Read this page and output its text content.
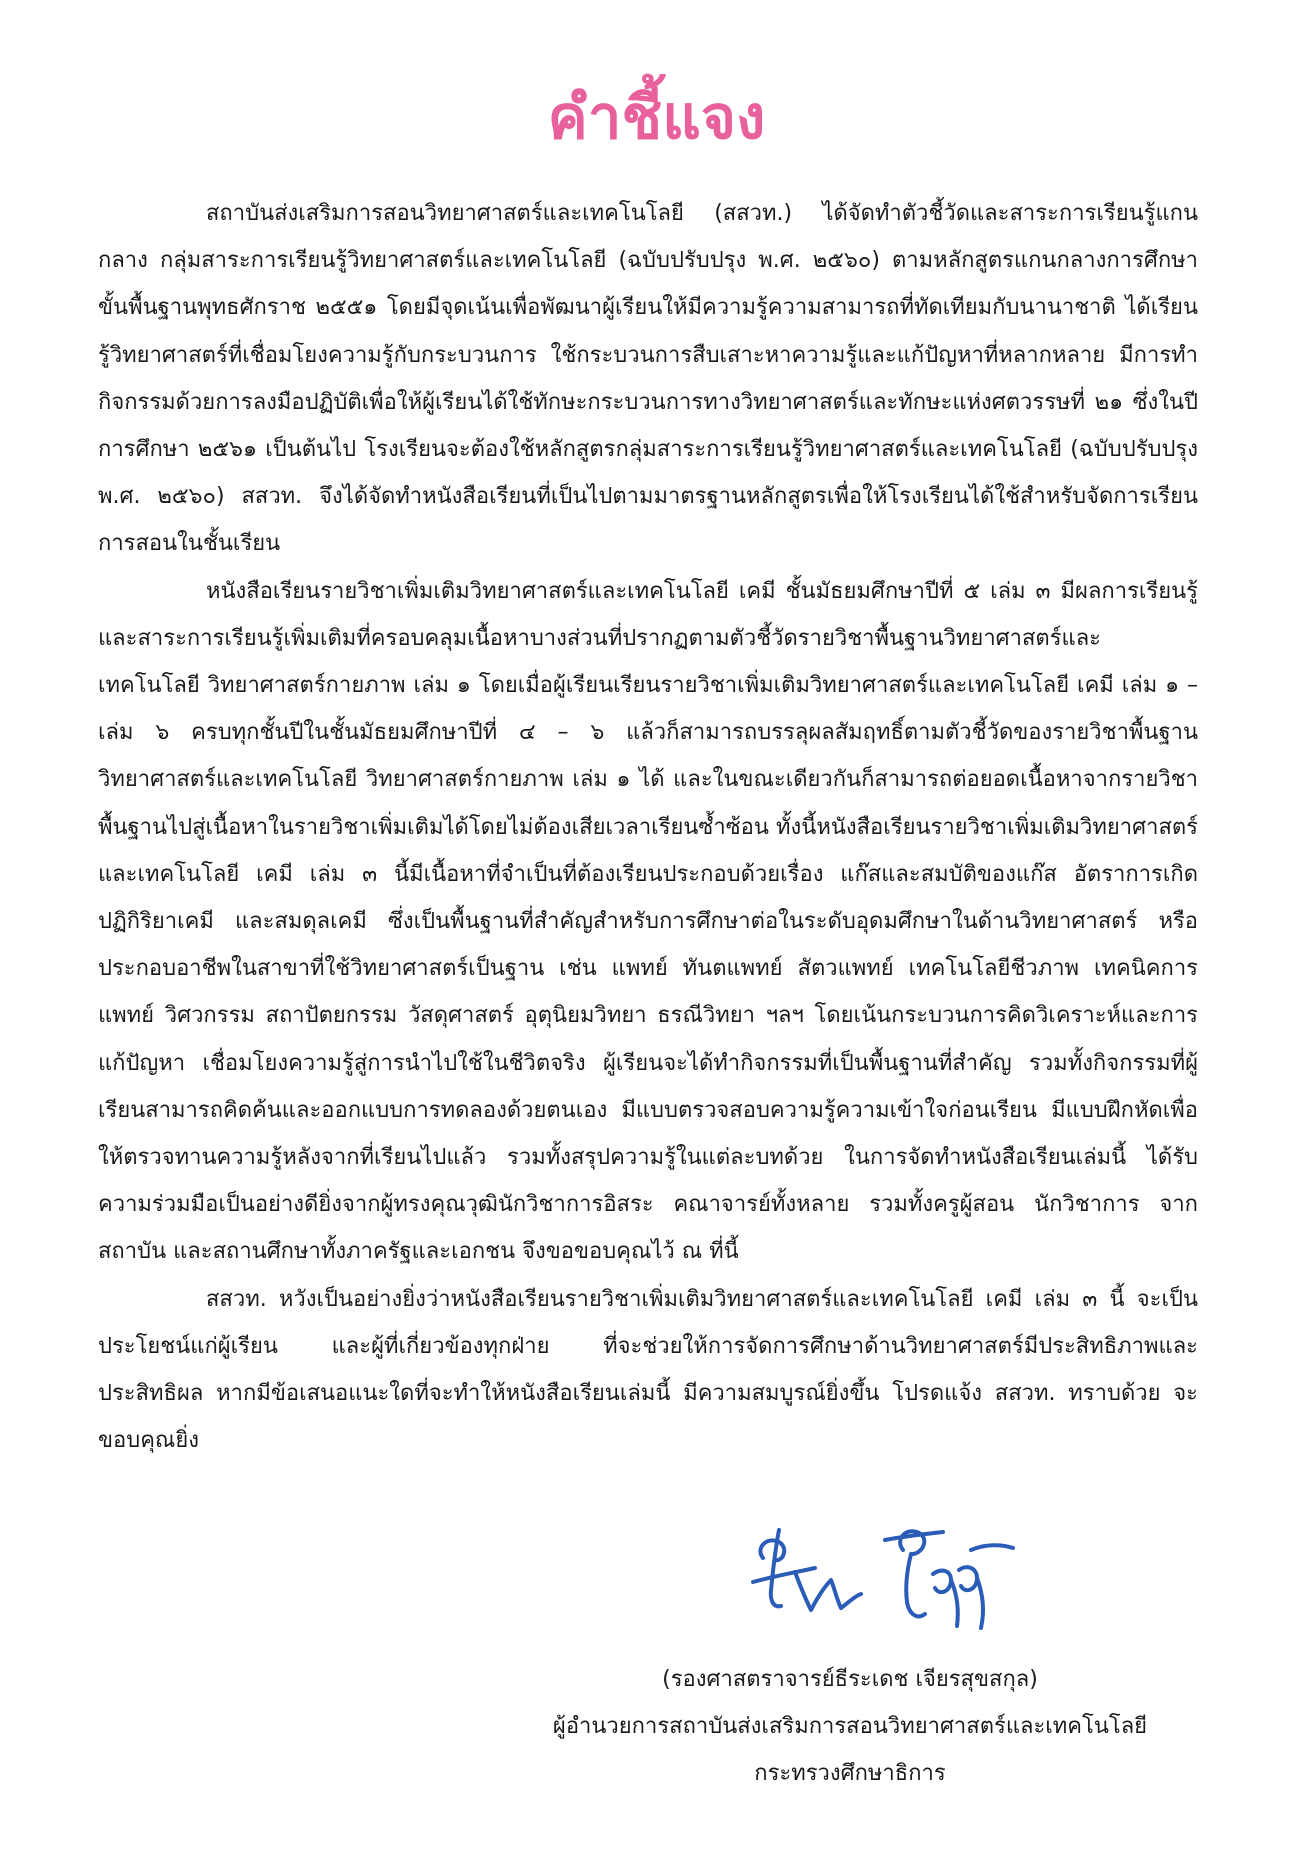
คำชี้แจง

สถาบันส่งเสริมการสอนวิทยาศาสตร์และเทคโนโลยี (สสวท.) ได้จัดทำตัวชี้วัดและสาระการเรียนรู้แกนกลาง กลุ่มสาระการเรียนรู้วิทยาศาสตร์และเทคโนโลยี (ฉบับปรับปรุง พ.ศ. ๒๕๖๐) ตามหลักสูตรแกนกลางการศึกษาขั้นพื้นฐานพุทธศักราช ๒๕๕๑ โดยมีจุดเน้นเพื่อพัฒนาผู้เรียนให้มีความรู้ความสามารถที่ทัดเทียมกับนานาชาติ ได้เรียนรู้วิทยาศาสตร์ที่เชื่อมโยงความรู้กับกระบวนการ ใช้กระบวนการสืบเสาะหาความรู้และแก้ปัญหาที่หลากหลาย มีการทำกิจกรรมด้วยการลงมือปฏิบัติเพื่อให้ผู้เรียนได้ใช้ทักษะกระบวนการทางวิทยาศาสตร์และทักษะแห่งศตวรรษที่ ๒๑ ซึ่งในปีการศึกษา ๒๕๖๑ เป็นต้นไป โรงเรียนจะต้องใช้หลักสูตรกลุ่มสาระการเรียนรู้วิทยาศาสตร์และเทคโนโลยี (ฉบับปรับปรุง พ.ศ. ๒๕๖๐) สสวท. จึงได้จัดทำหนังสือเรียนที่เป็นไปตามมาตรฐานหลักสูตรเพื่อให้โรงเรียนได้ใช้สำหรับจัดการเรียนการสอนในชั้นเรียน

หนังสือเรียนรายวิชาเพิ่มเติมวิทยาศาสตร์และเทคโนโลยี เคมี ชั้นมัธยมศึกษาปีที่ ๕ เล่ม ๓ มีผลการเรียนรู้และสาระการเรียนรู้เพิ่มเติมที่ครอบคลุมเนื้อหาบางส่วนที่ปรากฏตามตัวชี้วัดรายวิชาพื้นฐานวิทยาศาสตร์และเทคโนโลยี วิทยาศาสตร์กายภาพ เล่ม ๑ โดยเมื่อผู้เรียนเรียนรายวิชาเพิ่มเติมวิทยาศาสตร์และเทคโนโลยี เคมี เล่ม ๑ – เล่ม ๖ ครบทุกชั้นปีในชั้นมัธยมศึกษาปีที่ ๔ – ๖ แล้วก็สามารถบรรลุผลสัมฤทธิ์ตามตัวชี้วัดของรายวิชาพื้นฐานวิทยาศาสตร์และเทคโนโลยี วิทยาศาสตร์กายภาพ เล่ม ๑ ได้ และในขณะเดียวกันก็สามารถต่อยอดเนื้อหาจากรายวิชาพื้นฐานไปสู่เนื้อหาในรายวิชาเพิ่มเติมได้โดยไม่ต้องเสียเวลาเรียนซ้ำซ้อน ทั้งนี้หนังสือเรียนรายวิชาเพิ่มเติมวิทยาศาสตร์และเทคโนโลยี เคมี เล่ม ๓ นี้มีเนื้อหาที่จำเป็นที่ต้องเรียนประกอบด้วยเรื่อง แก๊สและสมบัติของแก๊ส อัตราการเกิดปฏิกิริยาเคมี และสมดุลเคมี ซึ่งเป็นพื้นฐานที่สำคัญสำหรับการศึกษาต่อในระดับอุดมศึกษาในด้านวิทยาศาสตร์ หรือประกอบอาชีพในสาขาที่ใช้วิทยาศาสตร์เป็นฐาน เช่น แพทย์ ทันตแพทย์ สัตวแพทย์ เทคโนโลยีชีวภาพ เทคนิคการแพทย์ วิศวกรรม สถาปัตยกรรม วัสดุศาสตร์ อุตุนิยมวิทยา ธรณีวิทยา ฯลฯ โดยเน้นกระบวนการคิดวิเคราะห์และการแก้ปัญหา เชื่อมโยงความรู้สู่การนำไปใช้ในชีวิตจริง ผู้เรียนจะได้ทำกิจกรรมที่เป็นพื้นฐานที่สำคัญ รวมทั้งกิจกรรมที่ผู้เรียนสามารถคิดค้นและออกแบบการทดลองด้วยตนเอง มีแบบตรวจสอบความรู้ความเข้าใจก่อนเรียน มีแบบฝึกหัดเพื่อให้ตรวจทานความรู้หลังจากที่เรียนไปแล้ว รวมทั้งสรุปความรู้ในแต่ละบทด้วย ในการจัดทำหนังสือเรียนเล่มนี้ ได้รับความร่วมมือเป็นอย่างดียิ่งจากผู้ทรงคุณวุฒินักวิชาการอิสระ คณาจารย์ทั้งหลาย รวมทั้งครูผู้สอน นักวิชาการ จากสถาบัน และสถานศึกษาทั้งภาครัฐและเอกชน จึงขอขอบคุณไว้ ณ ที่นี้

สสวท. หวังเป็นอย่างยิ่งว่าหนังสือเรียนรายวิชาเพิ่มเติมวิทยาศาสตร์และเทคโนโลยี เคมี เล่ม ๓ นี้ จะเป็นประโยชน์แก่ผู้เรียน และผู้ที่เกี่ยวข้องทุกฝ่าย ที่จะช่วยให้การจัดการศึกษาด้านวิทยาศาสตร์มีประสิทธิภาพและประสิทธิผล หากมีข้อเสนอแนะใดที่จะทำให้หนังสือเรียนเล่มนี้ มีความสมบูรณ์ยิ่งขึ้น โปรดแจ้ง สสวท. ทราบด้วย จะขอบคุณยิ่ง

(รองศาสตราจารย์ธีระเดช เจียรสุขสกุล)
ผู้อำนวยการสถาบันส่งเสริมการสอนวิทยาศาสตร์และเทคโนโลยี
กระทรวงศึกษาธิการ
